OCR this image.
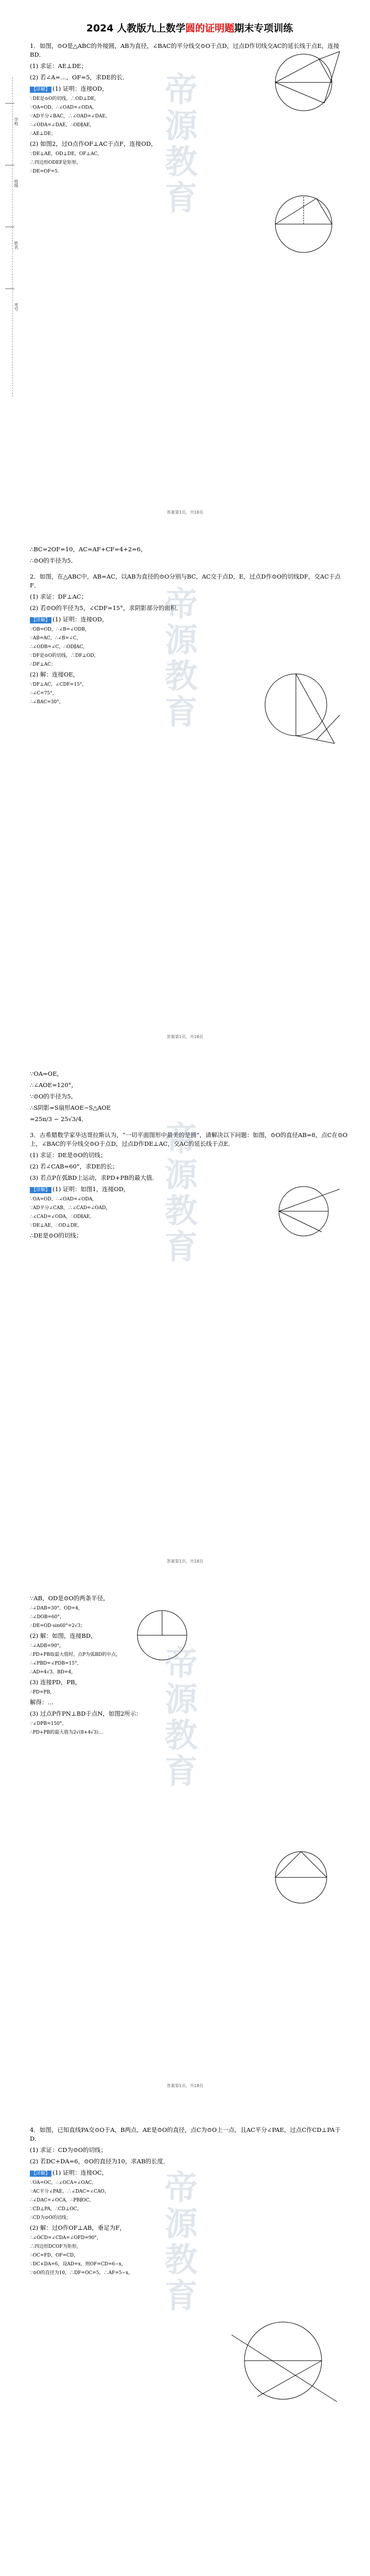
学校
班级
姓名
考号
2024 人教版九上数学圆的证明题期末专项训练

1．如图，⊙O是△ABC的外接圆，AB为直径，∠BAC的平分线交⊙O于点D，过点D作切线交AC的延长线于点E，连接BD．

(1) 求证：AE⊥DE；

(2) 若∠A=…，OF=5，求DE的长．

【详解】 (1) 证明：连接OD，

∵DE是⊙O的切线，∴OD⊥DE，

∵OA=OD，∴∠OAD=∠ODA，

∵AD平分∠BAC，∴∠OAD=∠DAE，

∴∠ODA=∠DAE，∴OD∥AE，

∴AE⊥DE；

(2) 如图2，过O点作OF⊥AC于点F，连接OD，

∵DE⊥AE，OD⊥DE，OF⊥AC，

∴四边形ODEF是矩形，

∴DE=OF=5．	帝源教育
答案第1页，共18页

∴BC=2OF=10，AC=AF+CF=4+2=6，

∴⊙O的半径为5．

2．如图，在△ABC中，AB=AC，以AB为直径的⊙O分别与BC，AC交于点D，E，过点D作⊙O的切线DF，交AC于点F．

(1) 求证：DF⊥AC；

(2) 若⊙O的半径为5，∠CDF=15°，求阴影部分的面积．

【详解】 (1) 证明：连接OD，

∵OB=OD，∴∠B=∠ODB，

∵AB=AC，∴∠B=∠C，

∴∠ODB=∠C，∴OD∥AC，

∵DF是⊙O的切线，∴DF⊥OD，

∴DF⊥AC；

(2) 解：连接OE，

∵DF⊥AC，∠CDF=15°，

∴∠C=75°，

∴∠BAC=30°，	帝源教育
答案第1页，共18页

∵OA=OE，

∴∠AOE=120°，

∵⊙O的半径为5，

∴S阴影=S扇形AOE−S△AOE

=25π/3 − 25√3/4．

3．古希腊数学家毕达哥拉斯认为，“一切平面图形中最美的是圆”，请解决以下问题：如图，⊙O的直径AB=8，点C在⊙O上，∠BAC的平分线交⊙O于点D，过点D作DE⊥AC，交AC的延长线于点E．

(1) 求证：DE是⊙O的切线；

(2) 若∠CAB=60°，求DE的长；

(3) 若点P在弧BD上运动，求PD+PB的最大值．

【详解】 (1) 证明：如图1，连接OD，

∵OA=OD，∴∠OAD=∠ODA，

∵AD平分∠CAB，∴∠CAD=∠OAD，

∴∠CAD=∠ODA，∴OD∥AE，

∵DE⊥AE，∴OD⊥DE，

∴DE是⊙O的切线；	帝源教育
答案第1页，共18页

∵AB，OD是⊙O的两条半径，

∴∠DAB=30°，OD=4，

∴∠DOB=60°，

∴DE=OD·sin60°=2√3；

(2) 解：如图，连接BD，

∴∠ADB=90°，

∴PD+PB取最大值时，点P为弧BD的中点，

∴∠PBD=∠PDB=15°，

∴AD=4√3，BD=4，

(3) 连接PD，PB，

∴PD=PB，

解得：…

(3) 过点P作PN⊥BD于点N，如图2所示：

∵∠DPB=150°，

∴PD+PB的最大值为2√(8+4√3)…	帝源教育
答案第1页，共18页

4．如图，已知直线PA交⊙O于A，B两点，AE是⊙O的直径，点C为⊙O上一点，且AC平分∠PAE，过点C作CD⊥PA于D．

(1) 求证：CD为⊙O的切线；

(2) 若DC+DA=6，⊙O的直径为10，求AB的长度．

【详解】 (1) 证明：连接OC，

∵OA=OC，∴∠OCA=∠OAC，

∵AC平分∠PAE，∴∠DAC=∠CAO，

∴∠DAC=∠OCA，∴PB∥OC，

∵CD⊥PA，∴CD⊥OC，

∴CD为⊙O的切线；

(2) 解：过O作OF⊥AB，垂足为F，

∴∠OCD=∠CDA=∠OFD=90°，

∴四边形DCOF为矩形，

∴OC=FD，OF=CD，

∵DC+DA=6，设AD=x，则OF=CD=6−x，

∵⊙O的直径为10，∴DF=OC=5，∴AF=5−x， 帝源教育
